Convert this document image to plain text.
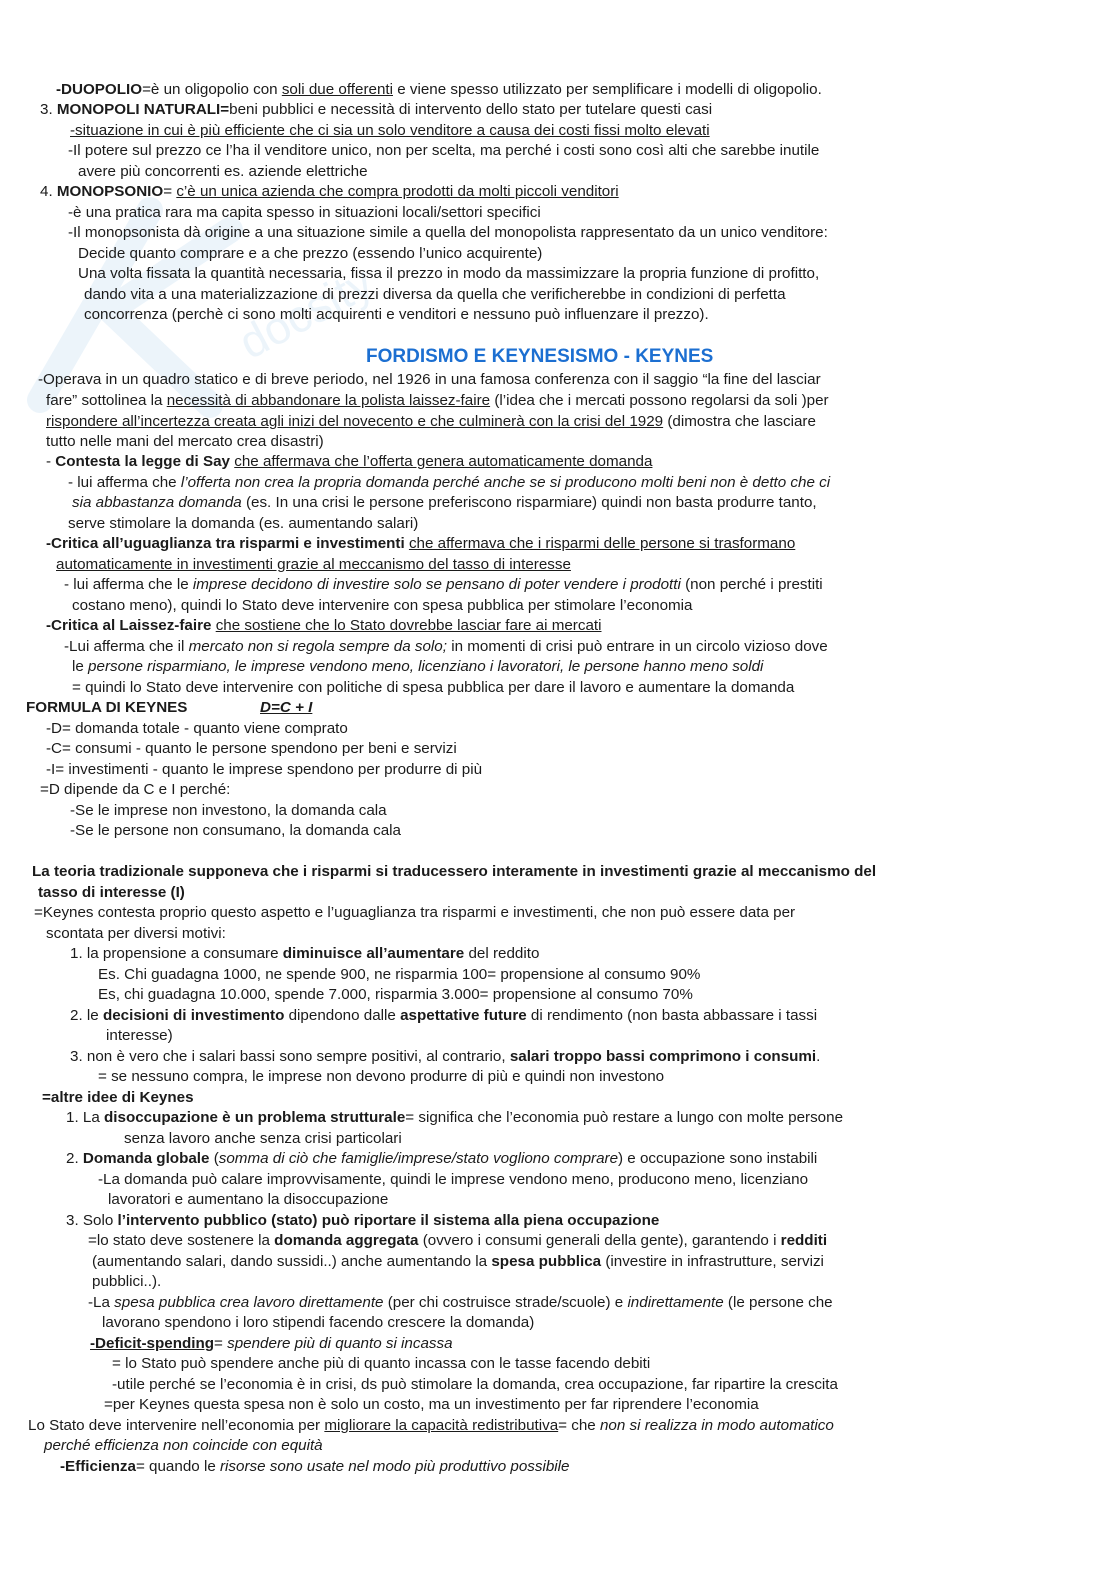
docsity
FORDISMO E KEYNESISMO - KEYNES
D=C + I
-DUOPOLIO=è un oligopolio con soli due offerenti e viene spesso utilizzato per semplificare i modelli di oligopolio.
3. MONOPOLI NATURALI=beni pubblici e necessità di intervento dello stato per tutelare questi casi
-situazione in cui è più efficiente che ci sia un solo venditore a causa dei costi fissi molto elevati
-Il potere sul prezzo ce l’ha il venditore unico, non per scelta, ma perché i costi sono così alti che sarebbe inutile
avere più concorrenti es. aziende elettriche
4. MONOPSONIO= c’è un unica azienda che compra prodotti da molti piccoli venditori
-è una pratica rara ma capita spesso in situazioni locali/settori specifici
-Il monopsonista dà origine a una situazione simile a quella del monopolista rappresentato da un unico venditore:
Decide quanto comprare e a che prezzo (essendo l’unico acquirente)
Una volta fissata la quantità necessaria, fissa il prezzo in modo da massimizzare la propria funzione di profitto,
dando vita a una materializzazione di prezzi diversa da quella che verificherebbe in condizioni di perfetta
concorrenza (perchè ci sono molti acquirenti e venditori e nessuno può influenzare il prezzo).
-Operava in un quadro statico e di breve periodo, nel 1926 in una famosa conferenza con il saggio “la fine del lasciar
fare” sottolinea la necessità di abbandonare la polista laissez-faire (l’idea che i mercati possono regolarsi da soli )per
rispondere all’incertezza creata agli inizi del novecento e che culminerà con la crisi del 1929 (dimostra che lasciare
tutto nelle mani del mercato crea disastri)
- Contesta la legge di Say che affermava che l’offerta genera automaticamente domanda
- lui afferma che l’offerta non crea la propria domanda perché anche se si producono molti beni non è detto che ci
sia abbastanza domanda (es. In una crisi le persone preferiscono risparmiare) quindi non basta produrre tanto,
serve stimolare la domanda (es. aumentando salari)
-Critica all’uguaglianza tra risparmi e investimenti che affermava che i risparmi delle persone si trasformano
automaticamente in investimenti grazie al meccanismo del tasso di interesse
- lui afferma che le imprese decidono di investire solo se pensano di poter vendere i prodotti (non perché i prestiti
costano meno), quindi lo Stato deve intervenire con spesa pubblica per stimolare l’economia
-Critica al Laissez-faire che sostiene che lo Stato dovrebbe lasciar fare ai mercati
-Lui afferma che il mercato non si regola sempre da solo; in momenti di crisi può entrare in un circolo vizioso dove
le persone risparmiano, le imprese vendono meno, licenziano i lavoratori, le persone hanno meno soldi
= quindi lo Stato deve intervenire con politiche di spesa pubblica per dare il lavoro e aumentare la domanda
FORMULA DI KEYNES
-D= domanda totale - quanto viene comprato
-C= consumi - quanto le persone spendono per beni e servizi
-I= investimenti - quanto le imprese spendono per produrre di più
=D dipende da C e I perché:
-Se le imprese non investono, la domanda cala
-Se le persone non consumano, la domanda cala
La teoria tradizionale supponeva che i risparmi si traducessero interamente in investimenti grazie al meccanismo del
tasso di interesse (I)
=Keynes contesta proprio questo aspetto e l’uguaglianza tra risparmi e investimenti, che non può essere data per
scontata per diversi motivi:
1. la propensione a consumare diminuisce all’aumentare del reddito
Es. Chi guadagna 1000, ne spende 900, ne risparmia 100= propensione al consumo 90%
Es, chi guadagna 10.000, spende 7.000, risparmia 3.000= propensione al consumo 70%
2. le decisioni di investimento dipendono dalle aspettative future di rendimento (non basta abbassare i tassi
interesse)
3. non è vero che i salari bassi sono sempre positivi, al contrario, salari troppo bassi comprimono i consumi.
= se nessuno compra, le imprese non devono produrre di più e quindi non investono
=altre idee di Keynes
1. La disoccupazione è un problema strutturale= significa che l’economia può restare a lungo con molte persone
senza lavoro anche senza crisi particolari
2. Domanda globale (somma di ciò che famiglie/imprese/stato vogliono comprare) e occupazione sono instabili
-La domanda può calare improvvisamente, quindi le imprese vendono meno, producono meno, licenziano
lavoratori e aumentano la disoccupazione
3. Solo l’intervento pubblico (stato) può riportare il sistema alla piena occupazione
=lo stato deve sostenere la domanda aggregata (ovvero i consumi generali della gente), garantendo i redditi
(aumentando salari, dando sussidi..) anche aumentando la spesa pubblica (investire in infrastrutture, servizi
pubblici..).
-La spesa pubblica crea lavoro direttamente (per chi costruisce strade/scuole) e indirettamente (le persone che
lavorano spendono i loro stipendi facendo crescere la domanda)
-Deficit-spending= spendere più di quanto si incassa
= lo Stato può spendere anche più di quanto incassa con le tasse facendo debiti
-utile perché se l’economia è in crisi, ds può stimolare la domanda, crea occupazione, far ripartire la crescita
=per Keynes questa spesa non è solo un costo, ma un investimento per far riprendere l’economia
Lo Stato deve intervenire nell’economia per migliorare la capacità redistributiva= che non si realizza in modo automatico
perché efficienza non coincide con equità
-Efficienza= quando le risorse sono usate nel modo più produttivo possibile
